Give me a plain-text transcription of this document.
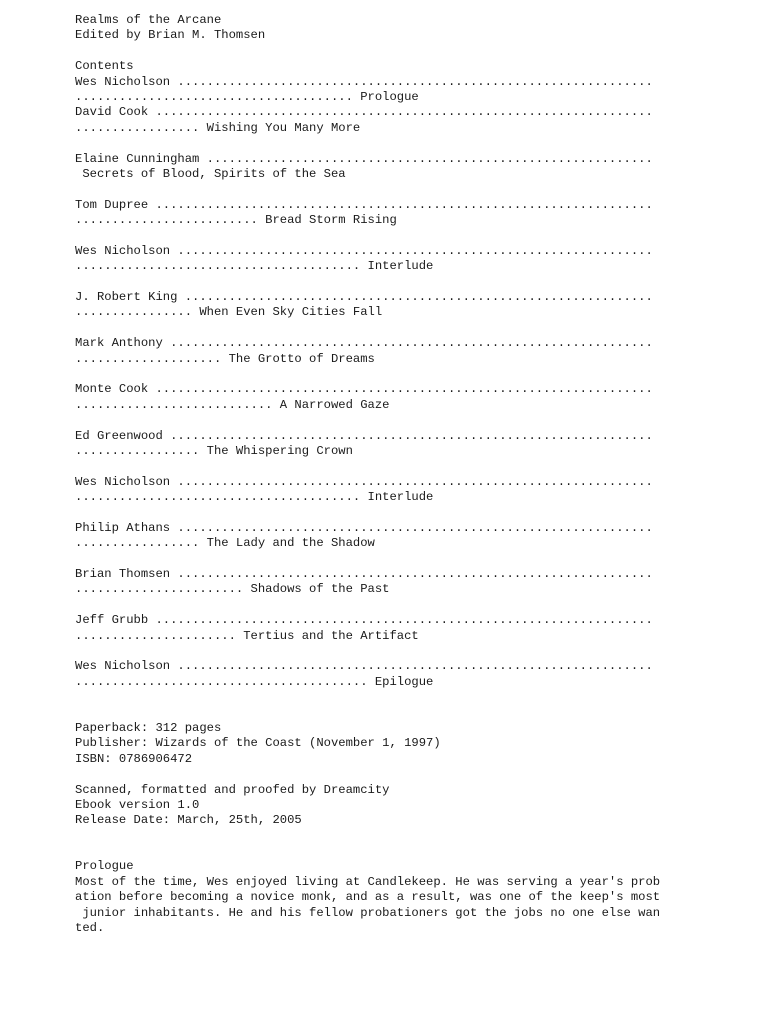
Realms of the Arcane
Edited by Brian M. Thomsen
Contents
Wes Nicholson .................................................................
...................................... Prologue
David Cook ....................................................................
................. Wishing You Many More
Elaine Cunningham .............................................................
Secrets of Blood, Spirits of the Sea
Tom Dupree ....................................................................
......................... Bread Storm Rising
Wes Nicholson .................................................................
....................................... Interlude
J. Robert King ................................................................
................ When Even Sky Cities Fall
Mark Anthony ..................................................................
.................... The Grotto of Dreams
Monte Cook ....................................................................
........................... A Narrowed Gaze
Ed Greenwood ..................................................................
................. The Whispering Crown
Wes Nicholson .................................................................
....................................... Interlude
Philip Athans .................................................................
................. The Lady and the Shadow
Brian Thomsen .................................................................
....................... Shadows of the Past
Jeff Grubb ....................................................................
...................... Tertius and the Artifact
Wes Nicholson .................................................................
........................................ Epilogue
Paperback: 312 pages
Publisher: Wizards of the Coast (November 1, 1997)
ISBN: 0786906472
Scanned, formatted and proofed by Dreamcity
Ebook version 1.0
Release Date: March, 25th, 2005
Prologue
Most of the time, Wes enjoyed living at Candlekeep. He was serving a year's prob
ation before becoming a novice monk, and as a result, was one of the keep's most
junior inhabitants. He and his fellow probationers got the jobs no one else wan
ted.
